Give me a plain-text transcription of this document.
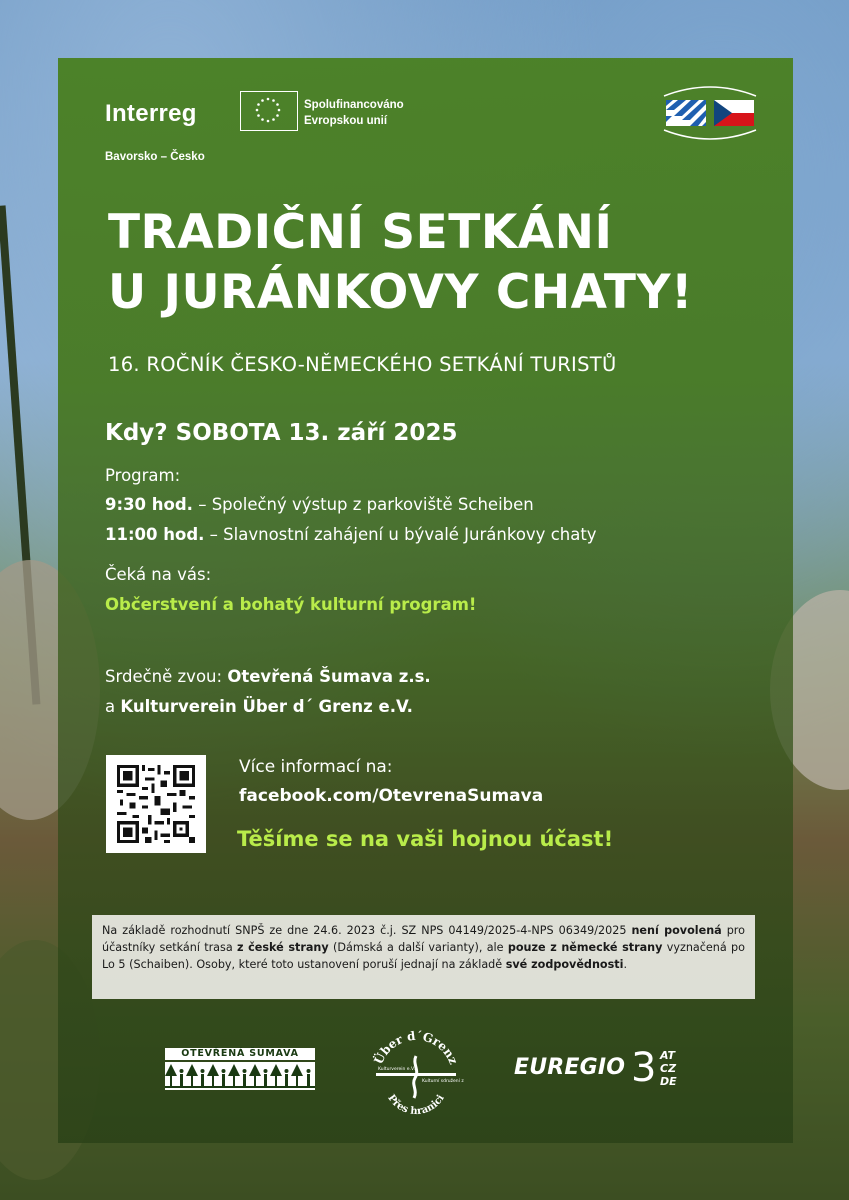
Interreg	Spolufinancováno
Evropskou unií
Bavorsko – Česko
TRADIČNÍ SETKÁNÍ
U JURÁNKOVY CHATY!
16. ROČNÍK ČESKO-NĚMECKÉHO SETKÁNÍ TURISTŮ
Kdy? SOBOTA 13. září 2025
Program:
9:30 hod. – Společný výstup z parkoviště Scheiben
11:00 hod. – Slavnostní zahájení u bývalé Juránkovy chaty
Čeká na vás:
Občerstvení a bohatý kulturní program!
Srdečně zvou: Otevřená Šumava z.s.
a Kulturverein Über d´ Grenz e.V.
Více informací na:
facebook.com/OtevrenaSumava
Těšíme se na vaši hojnou účast!

Na základě rozhodnutí SNPŠ ze dne 24.6. 2023 č.j. SZ NPS 04149/2025-4-NPS 06349/2025 není povolená pro účastníky setkání trasa z české strany (Dámská a další varianty), ale pouze z německé strany vyznačená po Lo 5 (Schaiben). Osoby, které toto ustanovení poruší jednají na základě své zodpovědnosti.

OTEVŘENÁ ŠUMAVA	Über d´Grenz
Přes hranici
Kulturverein e.V.
Kulturní sdružení z
EUREGIO 3 AT
CZ
DE
